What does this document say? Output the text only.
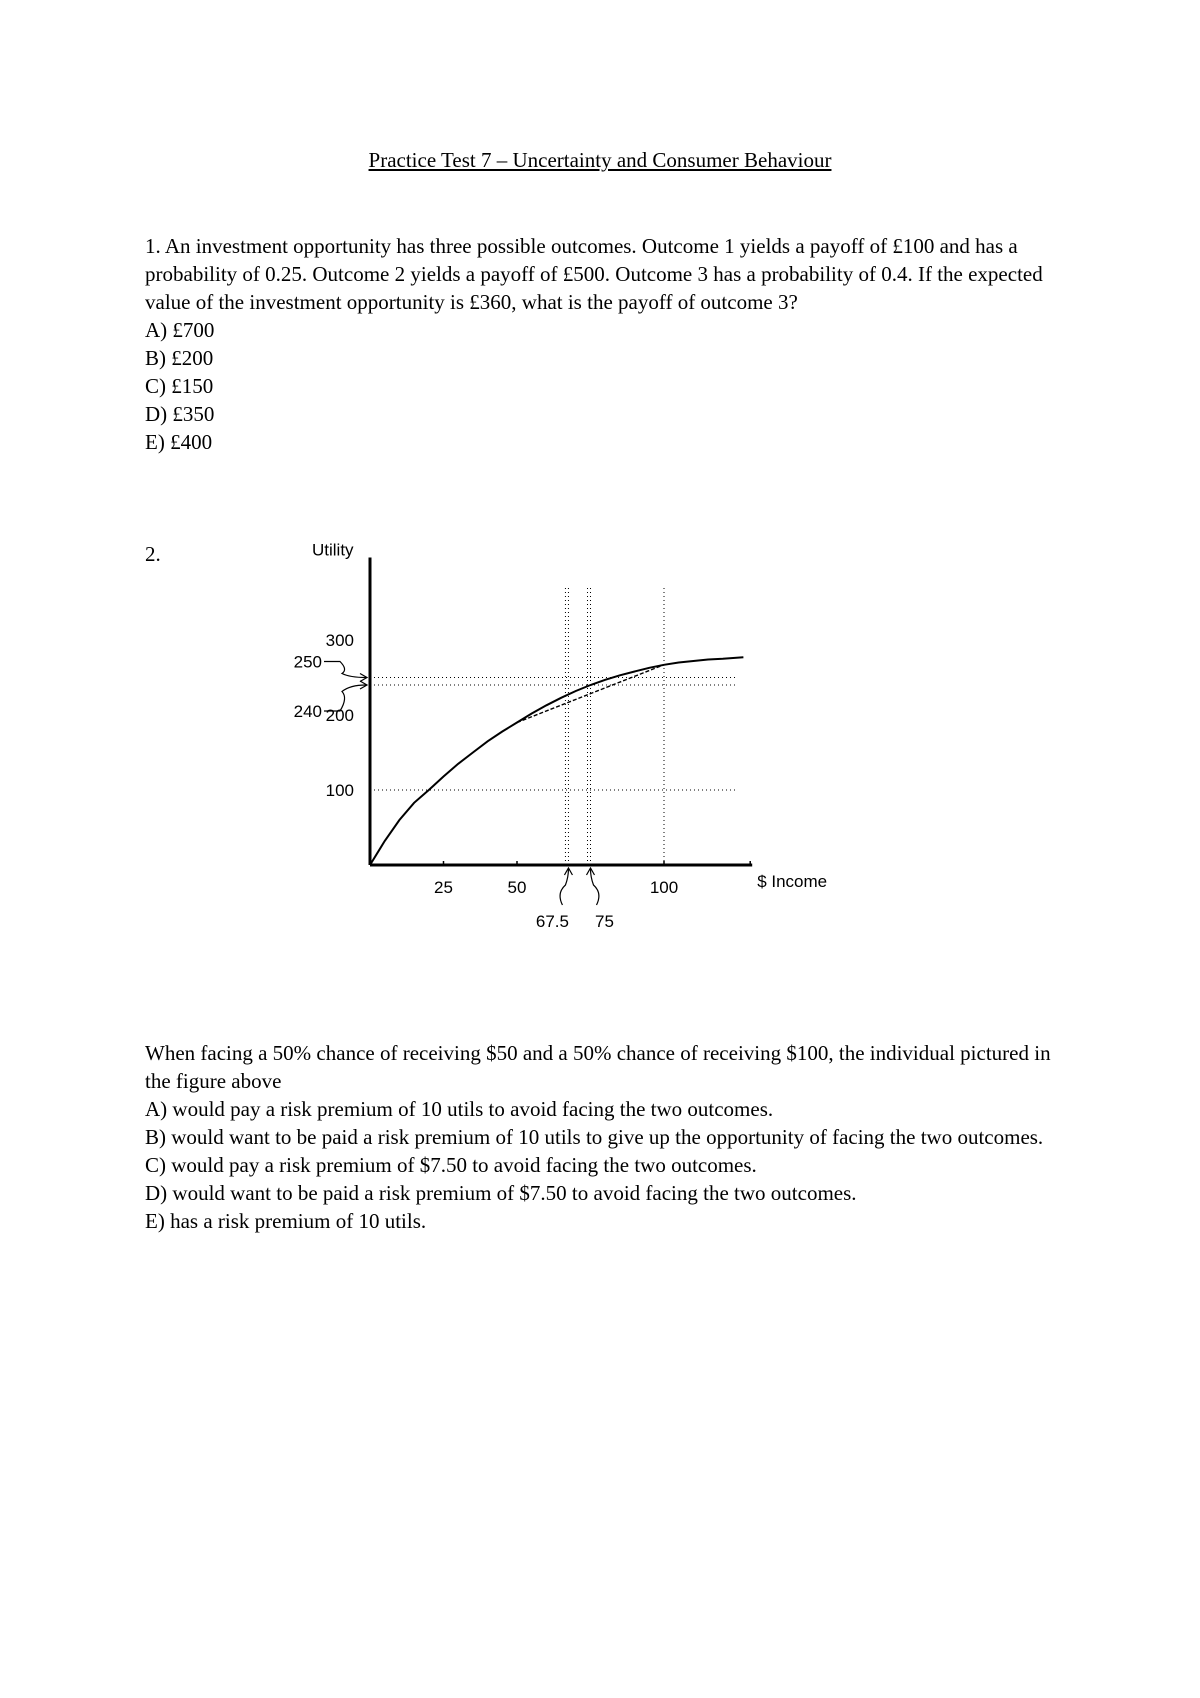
Practice Test 7 – Uncertainty and Consumer Behaviour

1. An investment opportunity has three possible outcomes. Outcome 1 yields a payoff of £100 and has a probability of 0.25. Outcome 2 yields a payoff of £500. Outcome 3 has a probability of 0.4. If the expected value of the investment opportunity is £360, what is the payoff of outcome 3?

A) £700

B) £200

C) £150

D) £350

E) £400

2.	Utility
$ Income
25	50	100
100
200
300
250
240
67.5 75

When facing a 50% chance of receiving $50 and a 50% chance of receiving $100, the individual pictured in the figure above

A) would pay a risk premium of 10 utils to avoid facing the two outcomes.

B) would want to be paid a risk premium of 10 utils to give up the opportunity of facing the two outcomes.

C) would pay a risk premium of $7.50 to avoid facing the two outcomes.

D) would want to be paid a risk premium of $7.50 to avoid facing the two outcomes.

E) has a risk premium of 10 utils.
